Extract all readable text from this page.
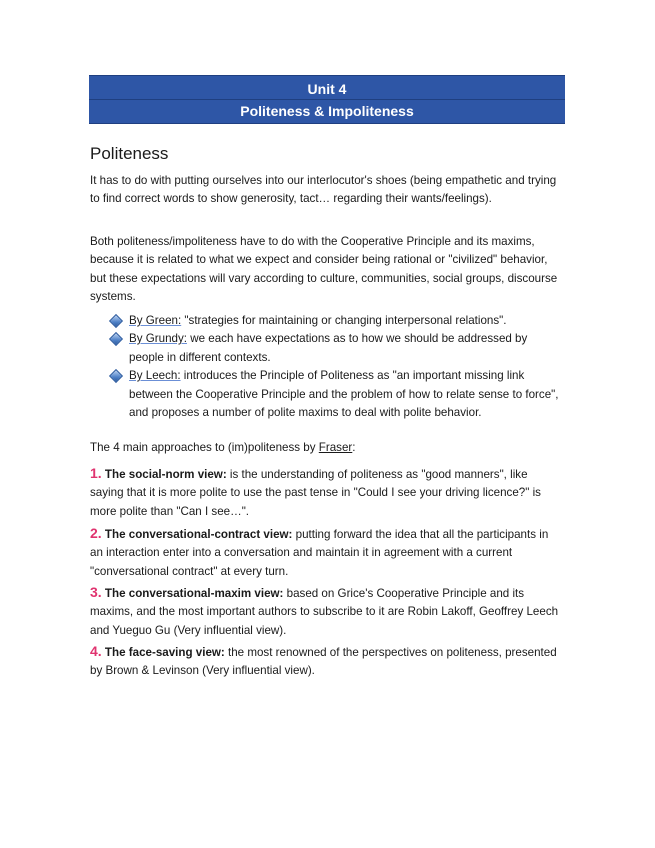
Unit 4
Politeness & Impoliteness
Politeness

It has to do with putting ourselves into our interlocutor's shoes (being empathetic and trying to find correct words to show generosity, tact… regarding their wants/feelings).

Both politeness/impoliteness have to do with the Cooperative Principle and its maxims, because it is related to what we expect and consider being rational or "civilized" behavior, but these expectations will vary according to culture, communities, social groups, discourse systems.

By Green: "strategies for maintaining or changing interpersonal relations".
By Grundy: we each have expectations as to how we should be addressed by people in different contexts.
By Leech: introduces the Principle of Politeness as "an important missing link between the Cooperative Principle and the problem of how to relate sense to force", and proposes a number of polite maxims to deal with polite behavior.

The 4 main approaches to (im)politeness by Fraser:

1. The social-norm view: is the understanding of politeness as "good manners", like saying that it is more polite to use the past tense in "Could I see your driving licence?" is more polite than "Can I see…".

2. The conversational-contract view: putting forward the idea that all the participants in an interaction enter into a conversation and maintain it in agreement with a current "conversational contract" at every turn.

3. The conversational-maxim view: based on Grice's Cooperative Principle and its maxims, and the most important authors to subscribe to it are Robin Lakoff, Geoffrey Leech and Yueguo Gu (Very influential view).

4. The face-saving view: the most renowned of the perspectives on politeness, presented by Brown & Levinson (Very influential view).
